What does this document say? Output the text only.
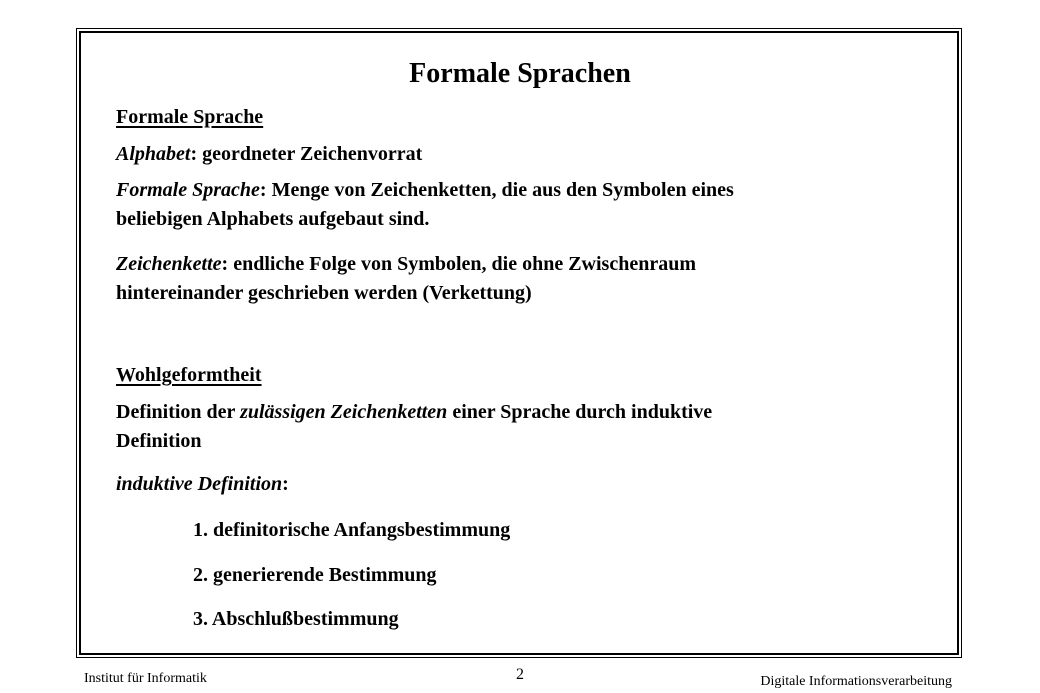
Formale Sprachen
Formale Sprache
Alphabet: geordneter Zeichenvorrat
Formale Sprache: Menge von Zeichenketten, die aus den Symbolen eines
beliebigen Alphabets aufgebaut sind.
Zeichenkette: endliche Folge von Symbolen, die ohne Zwischenraum
hintereinander geschrieben werden (Verkettung)
Wohlgeformtheit
Definition der zulässigen Zeichenketten einer Sprache durch induktive
Definition
induktive Definition:
1. definitorische Anfangsbestimmung
2. generierende Bestimmung
3. Abschlußbestimmung
Institut für Informatik	2	Digitale Informationsverarbeitung
